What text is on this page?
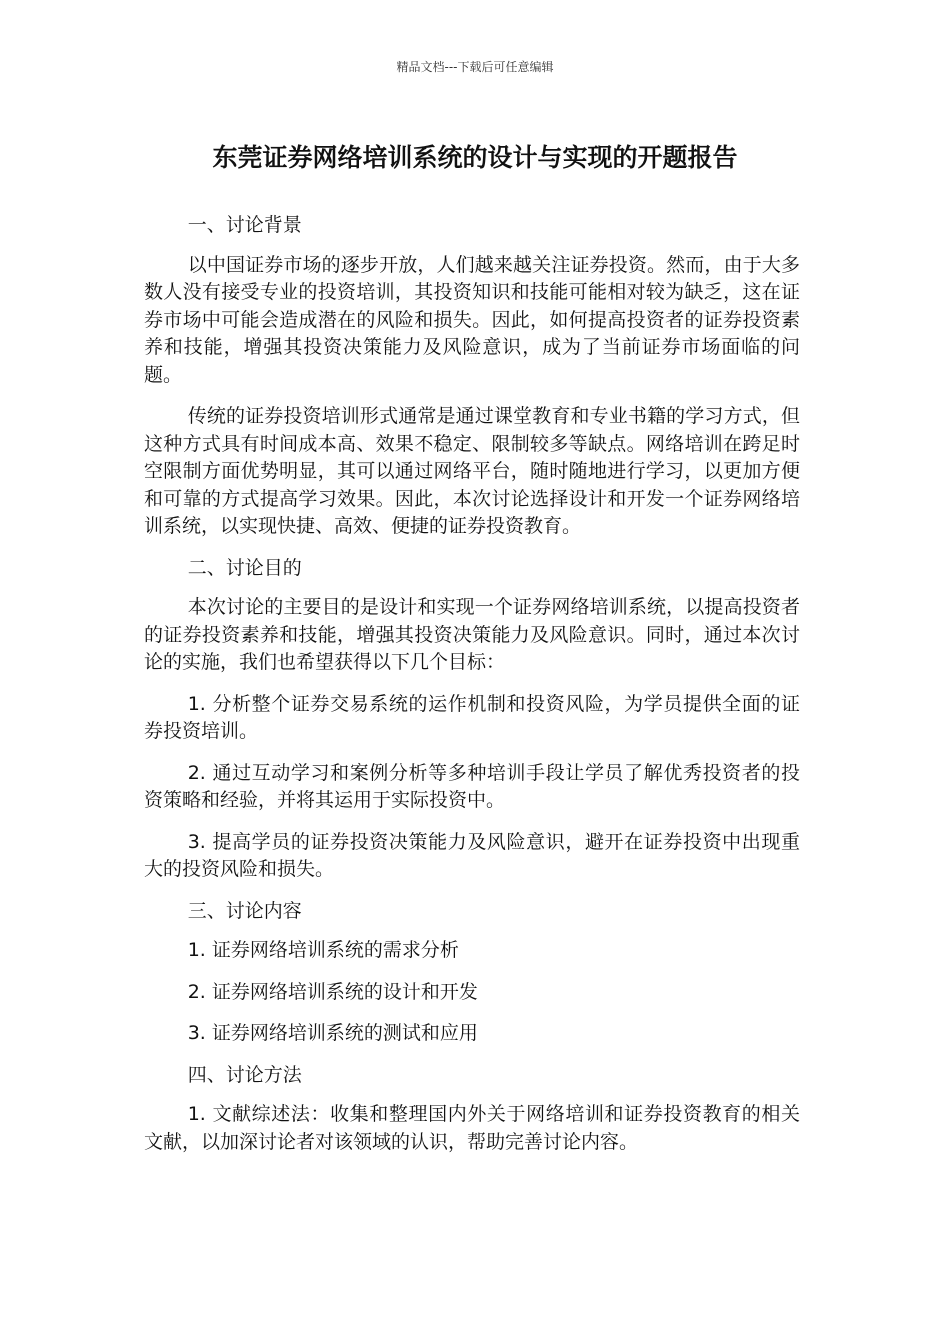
精品文档---下载后可任意编辑
东莞证券网络培训系统的设计与实现的开题报告

一、讨论背景

以中国证券市场的逐步开放，人们越来越关注证券投资。然而，由于大多数人没有接受专业的投资培训，其投资知识和技能可能相对较为缺乏，这在证券市场中可能会造成潜在的风险和损失。因此，如何提高投资者的证券投资素养和技能，增强其投资决策能力及风险意识，成为了当前证券市场面临的问题。

传统的证券投资培训形式通常是通过课堂教育和专业书籍的学习方式，但这种方式具有时间成本高、效果不稳定、限制较多等缺点。网络培训在跨足时空限制方面优势明显，其可以通过网络平台，随时随地进行学习，以更加方便和可靠的方式提高学习效果。因此，本次讨论选择设计和开发一个证券网络培训系统，以实现快捷、高效、便捷的证券投资教育。

二、讨论目的

本次讨论的主要目的是设计和实现一个证券网络培训系统，以提高投资者的证券投资素养和技能，增强其投资决策能力及风险意识。同时，通过本次讨论的实施，我们也希望获得以下几个目标：

1. 分析整个证券交易系统的运作机制和投资风险，为学员提供全面的证券投资培训。

2. 通过互动学习和案例分析等多种培训手段让学员了解优秀投资者的投资策略和经验，并将其运用于实际投资中。

3. 提高学员的证券投资决策能力及风险意识，避开在证券投资中出现重大的投资风险和损失。

三、讨论内容

1. 证券网络培训系统的需求分析

2. 证券网络培训系统的设计和开发

3. 证券网络培训系统的测试和应用

四、讨论方法

1. 文献综述法：收集和整理国内外关于网络培训和证券投资教育的相关文献，以加深讨论者对该领域的认识，帮助完善讨论内容。
